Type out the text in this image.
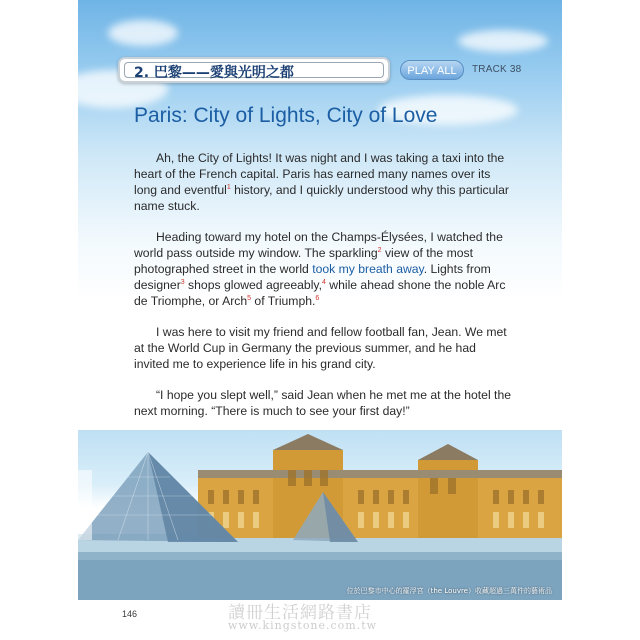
2. 巴黎——愛與光明之都	PLAY ALL	TRACK 38
Paris: City of Lights, City of Love

Ah, the City of Lights! It was night and I was taking a taxi into the heart of the French capital. Paris has earned many names over its long and eventful$^1$ history, and I quickly understood why this particular name stuck.

Heading toward my hotel on the Champs-Élysées, I watched the world pass outside my window. The sparkling$^2$ view of the most photographed street in the world took my breath away. Lights from designer$^3$ shops glowed agreeably,$^4$ while ahead shone the noble Arc de Triomphe, or Arch$^5$ of Triumph.$^6$

I was here to visit my friend and fellow football fan, Jean. We met at the World Cup in Germany the previous summer, and he had invited me to experience life in his grand city.

“I hope you slept well,” said Jean when he met me at the hotel the next morning. “There is much to see your first day!”

位於巴黎市中心的羅浮宮（the Louvre）收藏超過三萬件的藝術品
146	讀冊生活網路書店
www.kingstone.com.tw
